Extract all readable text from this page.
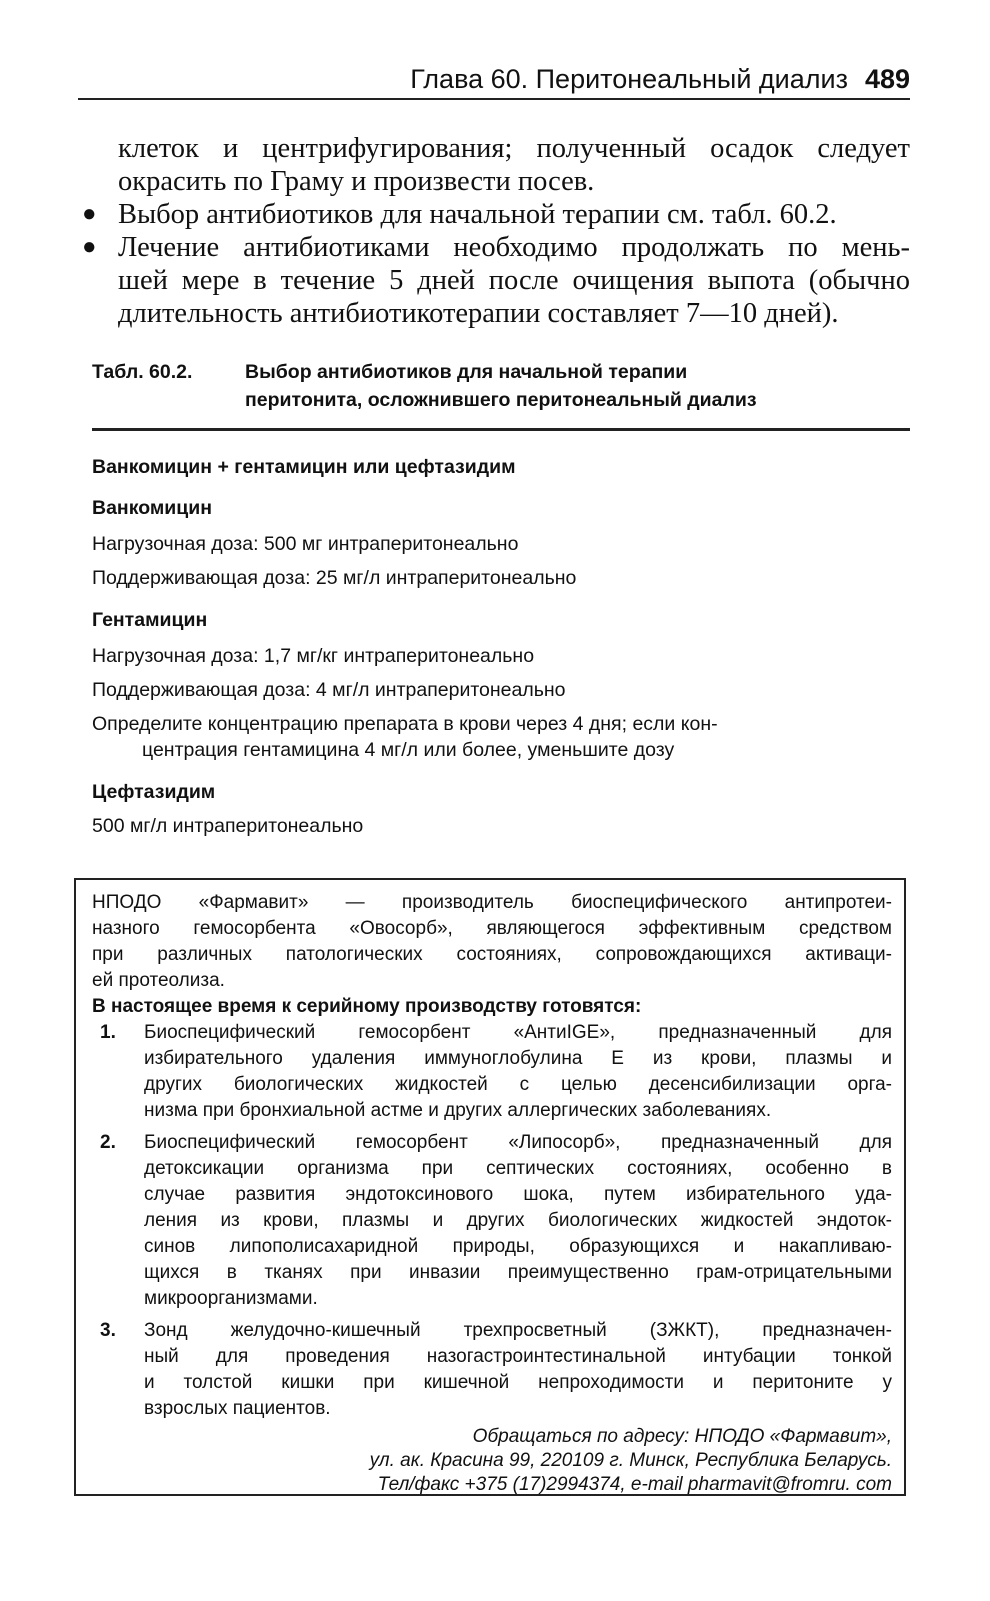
Глава 60. Перитонеальный диализ 489
клеток и центрифугирования; полученный осадок следует
окрасить по Граму и произвести посев.
● Выбор антибиотиков для начальной терапии см. табл. 60.2.
● Лечение антибиотиками необходимо продолжать по мень-
шей мере в течение 5 дней после очищения выпота (обычно
длительность антибиотикотерапии составляет 7—10 дней).
Табл. 60.2.	Выбор антибиотиков для начальной терапии
перитонита, осложнившего перитонеальный диализ
Ванкомицин + гентамицин или цефтазидим
Ванкомицин
Нагрузочная доза: 500 мг интраперитонеально
Поддерживающая доза: 25 мг/л интраперитонеально
Гентамицин
Нагрузочная доза: 1,7 мг/кг интраперитонеально
Поддерживающая доза: 4 мг/л интраперитонеально
Определите концентрацию препарата в крови через 4 дня; если кон-
центрация гентамицина 4 мг/л или более, уменьшите дозу
Цефтазидим
500 мг/л интраперитонеально
НПОДО «Фармавит» — производитель биоспецифического антипротеи-
назного гемосорбента «Овосорб», являющегося эффективным средством
при различных патологических состояниях, сопровождающихся активаци-
ей протеолиза.
В настоящее время к серийному производству готовятся:
1. Биоспецифический гемосорбент «АнтиIGE», предназначенный для
избирательного удаления иммуноглобулина Е из крови, плазмы и
других биологических жидкостей с целью десенсибилизации орга-
низма при бронхиальной астме и других аллергических заболеваниях.
2. Биоспецифический гемосорбент «Липосорб», предназначенный для
детоксикации организма при септических состояниях, особенно в
случае развития эндотоксинового шока, путем избирательного уда-
ления из крови, плазмы и других биологических жидкостей эндоток-
синов липополисахаридной природы, образующихся и накапливаю-
щихся в тканях при инвазии преимущественно грам-отрицательными
микроорганизмами.
3. Зонд желудочно-кишечный трехпросветный (ЗЖКТ), предназначен-
ный для проведения назогастроинтестинальной интубации тонкой
и толстой кишки при кишечной непроходимости и перитоните у
взрослых пациентов.
Обращаться по адресу: НПОДО «Фармавит»,
ул. ак. Красина 99, 220109 г. Минск, Республика Беларусь.
Тел/факс +375 (17)2994374, e-mail pharmavit@fromru. com
